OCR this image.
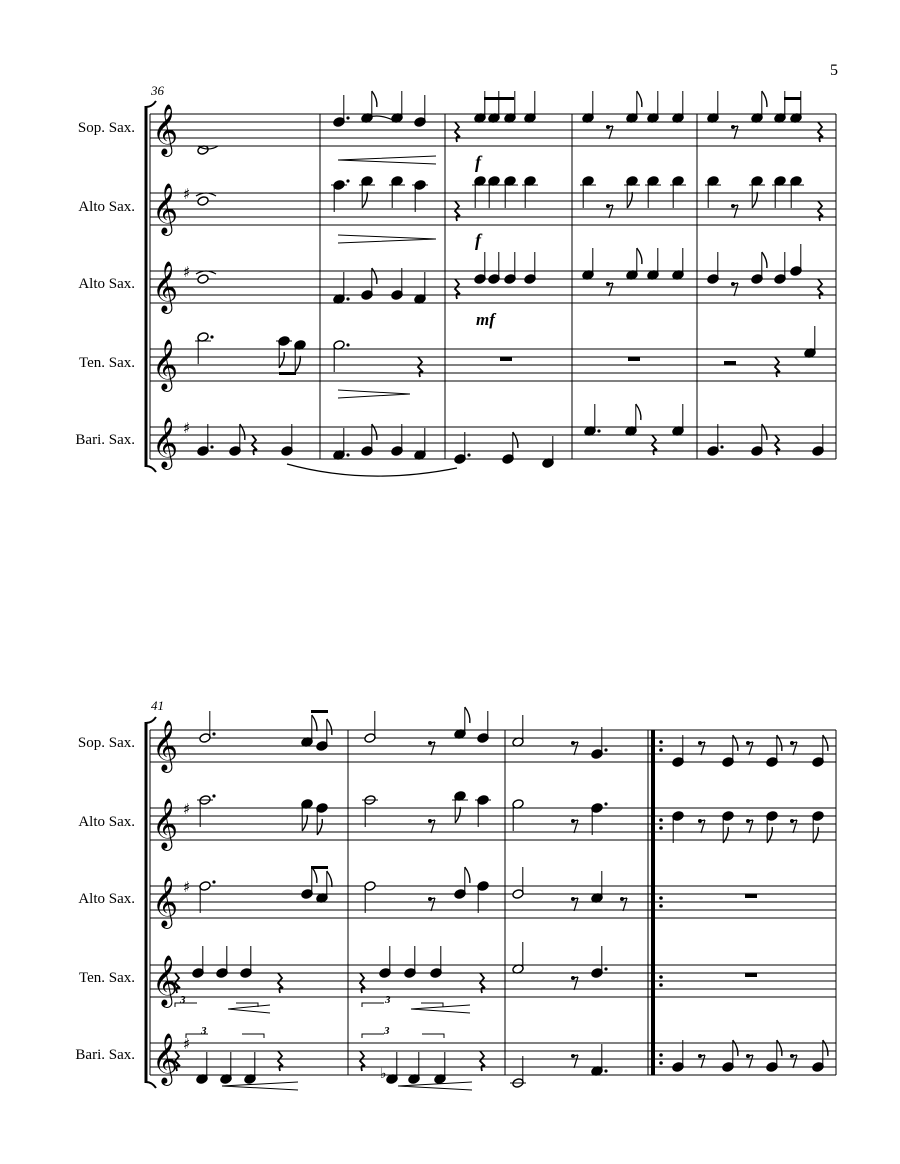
5
36
41
Sop. Sax.
Alto Sax.
Alto Sax.
Ten. Sax.
Bari. Sax.
Sop. Sax.
Alto Sax.
Alto Sax.
Ten. Sax.
Bari. Sax.
𝄞
𝄞
𝄞
𝄞
𝄞
♯
♯
♯
𝄞
𝄞
𝄞
𝄞
𝄞
♯
♯
♯
♭
f
f
mf
3	3
3	3
